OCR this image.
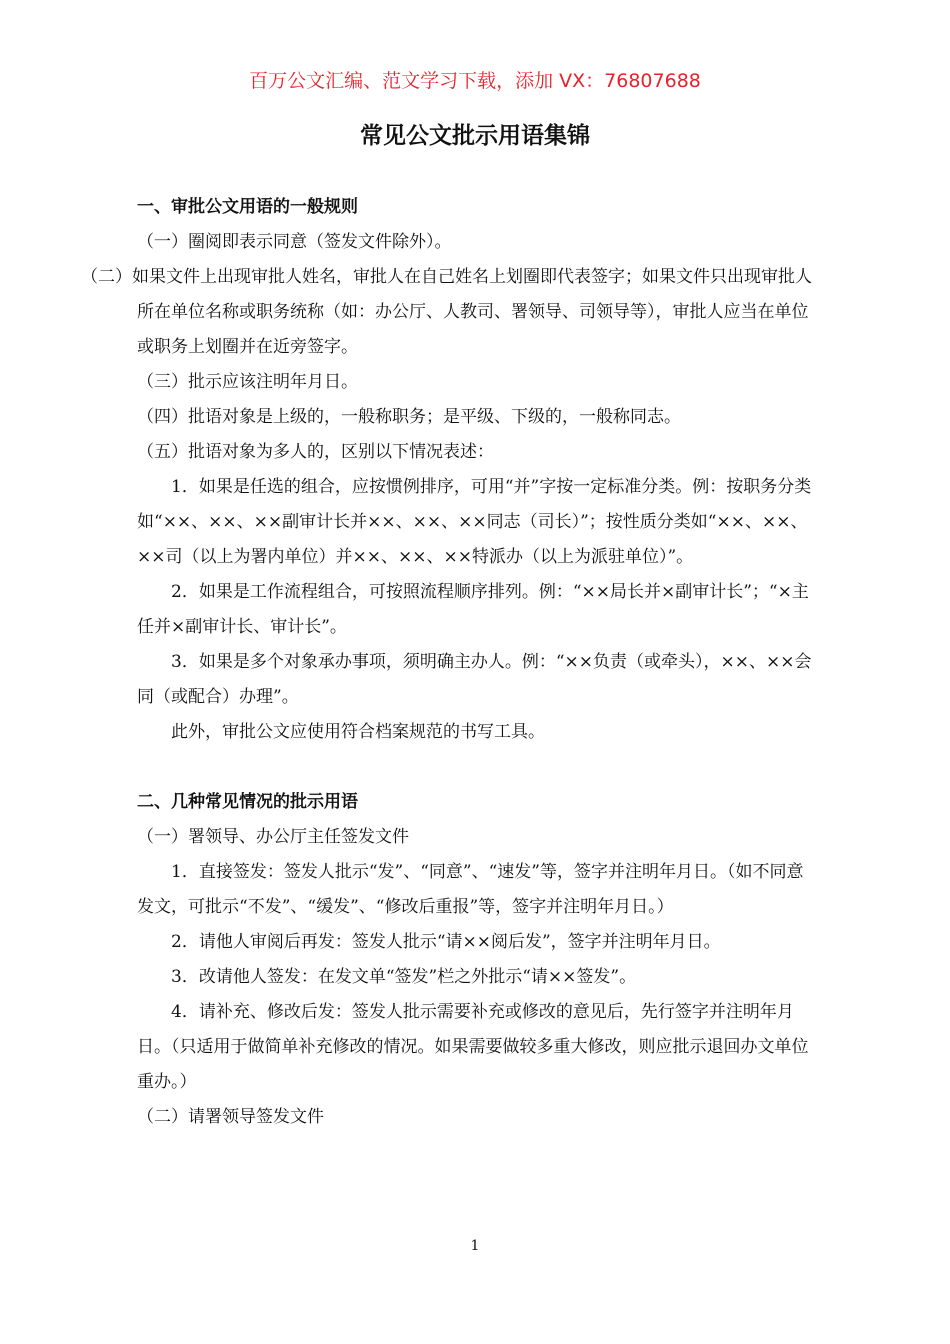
百万公文汇编、范文学习下载，添加 VX：76807688
常见公文批示用语集锦

一、审批公文用语的一般规则

（一）圈阅即表示同意（签发文件除外）。

（二）如果文件上出现审批人姓名，审批人在自己姓名上划圈即代表签字；如果文件只出现审批人所在单位名称或职务统称（如：办公厅、人教司、署领导、司领导等），审批人应当在单位或职务上划圈并在近旁签字。

（三）批示应该注明年月日。

（四）批语对象是上级的，一般称职务；是平级、下级的，一般称同志。

（五）批语对象为多人的，区别以下情况表述：

1．如果是任选的组合，应按惯例排序，可用“并”字按一定标准分类。例：按职务分类如“××、××、××副审计长并××、××、××同志（司长）”；按性质分类如“××、××、××司（以上为署内单位）并××、××、××特派办（以上为派驻单位）”。

2．如果是工作流程组合，可按照流程顺序排列。例：“××局长并×副审计长”；“×主任并×副审计长、审计长”。

3．如果是多个对象承办事项，须明确主办人。例：“××负责（或牵头），××、××会同（或配合）办理”。

此外，审批公文应使用符合档案规范的书写工具。

二、几种常见情况的批示用语

（一）署领导、办公厅主任签发文件

1．直接签发：签发人批示“发”、“同意”、“速发”等，签字并注明年月日。（如不同意发文，可批示“不发”、“缓发”、“修改后重报”等，签字并注明年月日。）

2．请他人审阅后再发：签发人批示“请××阅后发”，签字并注明年月日。

3．改请他人签发：在发文单“签发”栏之外批示“请××签发”。

4．请补充、修改后发：签发人批示需要补充或修改的意见后，先行签字并注明年月日。（只适用于做简单补充修改的情况。如果需要做较多重大修改，则应批示退回办文单位重办。）

（二）请署领导签发文件

1
